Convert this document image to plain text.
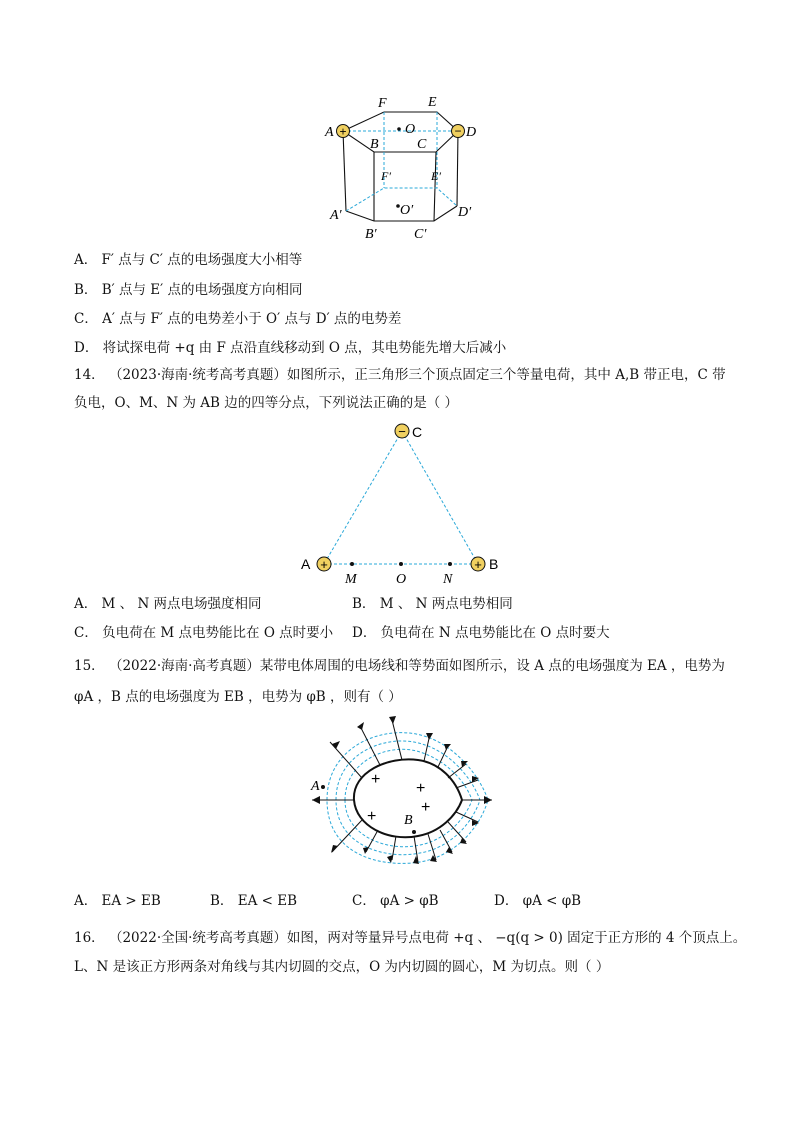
+	−
F	E
A	D
B	C
O
F′	E′
A′	O′	D′
B′	C′
A． F′ 点与 C′ 点的电场强度大小相等
B． B′ 点与 E′ 点的电场强度方向相同
C． A′ 点与 F′ 点的电势差小于 O′ 点与 D′ 点的电势差
D． 将试探电荷 +q 由 F 点沿直线移动到 O 点，其电势能先增大后减小
14． （2023·海南·统考高考真题）如图所示，正三角形三个顶点固定三个等量电荷，其中 A,B 带正电，C 带
负电，O、M、N 为 AB 边的四等分点，下列说法正确的是（ ）
−
+	+
C
A	B
M	O	N
A． M 、 N 两点电场强度相同	B． M 、 N 两点电势相同
C． 负电荷在 M 点电势能比在 O 点时要小 D． 负电荷在 N 点电势能比在 O 点时要大
15． （2022·海南·高考真题）某带电体周围的电场线和等势面如图所示，设 A 点的电场强度为 EA ，电势为
φA ，B 点的电场强度为 EB ，电势为 φB ，则有（ ）
+
+
+
+
A
B
A． EA > EB	B． EA < EB	C． φA > φB	D． φA < φB
16． （2022·全国·统考高考真题）如图，两对等量异号点电荷 +q 、 −q(q > 0) 固定于正方形的 4 个顶点上。
L、N 是该正方形两条对角线与其内切圆的交点，O 为内切圆的圆心，M 为切点。则（ ）
